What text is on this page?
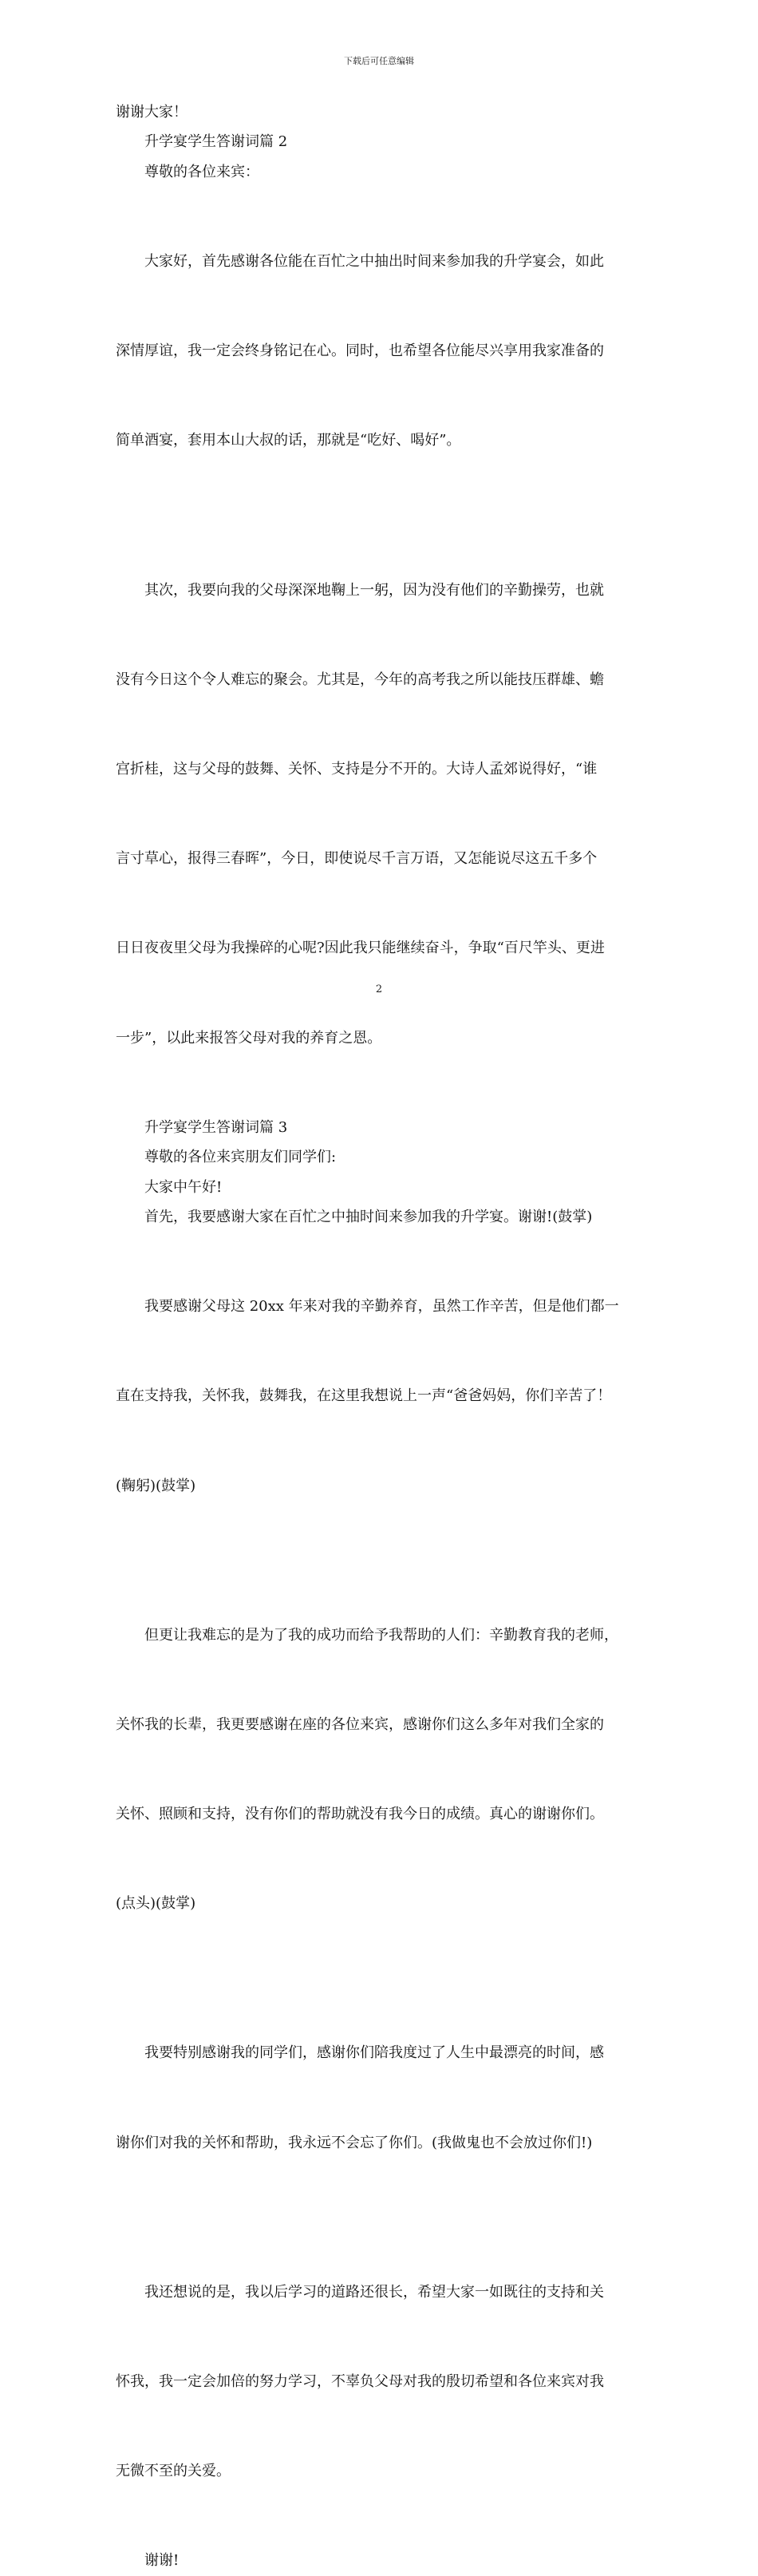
下载后可任意编辑
谢谢大家！
升学宴学生答谢词篇 2
尊敬的各位来宾：

大家好，首先感谢各位能在百忙之中抽出时间来参加我的升学宴会，如此

深情厚谊，我一定会终身铭记在心。同时，也希望各位能尽兴享用我家准备的

简单酒宴，套用本山大叔的话，那就是“吃好、喝好”。

其次，我要向我的父母深深地鞠上一躬，因为没有他们的辛勤操劳，也就

没有今日这个令人难忘的聚会。尤其是，今年的高考我之所以能技压群雄、蟾

宫折桂，这与父母的鼓舞、关怀、支持是分不开的。大诗人孟郊说得好，“谁

言寸草心，报得三春晖”，今日，即使说尽千言万语，又怎能说尽这五千多个

日日夜夜里父母为我操碎的心呢?因此我只能继续奋斗，争取“百尺竿头、更进

一步”，以此来报答父母对我的养育之恩。

升学宴学生答谢词篇 3
尊敬的各位来宾朋友们同学们:
大家中午好!
首先，我要感谢大家在百忙之中抽时间来参加我的升学宴。谢谢!(鼓掌)

我要感谢父母这 20xx 年来对我的辛勤养育，虽然工作辛苦，但是他们都一

直在支持我，关怀我，鼓舞我，在这里我想说上一声“爸爸妈妈，你们辛苦了！

(鞠躬)(鼓掌)

但更让我难忘的是为了我的成功而给予我帮助的人们：辛勤教育我的老师，

关怀我的长辈，我更要感谢在座的各位来宾，感谢你们这么多年对我们全家的

关怀、照顾和支持，没有你们的帮助就没有我今日的成绩。真心的谢谢你们。

(点头)(鼓掌)

我要特别感谢我的同学们，感谢你们陪我度过了人生中最漂亮的时间，感

谢你们对我的关怀和帮助，我永远不会忘了你们。(我做鬼也不会放过你们!)

我还想说的是，我以后学习的道路还很长，希望大家一如既往的支持和关

怀我，我一定会加倍的努力学习，不辜负父母对我的殷切希望和各位来宾对我

无微不至的关爱。

谢谢!
2
